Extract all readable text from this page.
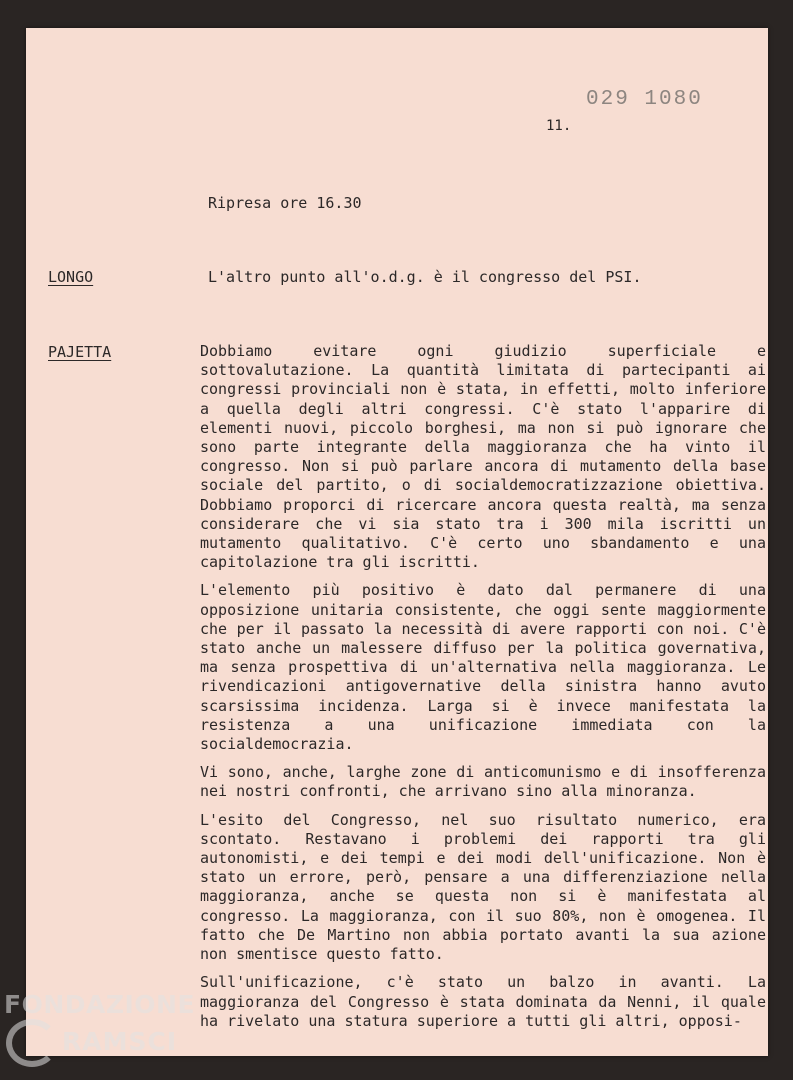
029 1080
11.
Ripresa ore 16.30
LONGO	L'altro punto all'o.d.g. è il congresso del PSI.
PAJETTA	Dobbiamo evitare ogni giudizio superficiale e sottovalutazione. La quantità limitata di partecipanti ai congressi provinciali non è stata, in effetti, molto inferiore a quella degli altri congressi. C'è stato l'apparire di elementi nuovi, piccolo borghesi, ma non si può ignorare che sono parte integrante della maggioranza che ha vinto il congresso. Non si può parlare ancora di mutamento della base sociale del partito, o di socialdemocratizzazione obiettiva. Dobbiamo proporci di ricercare ancora questa realtà, ma senza considerare che vi sia stato tra i 300 mila iscritti un mutamento qualitativo. C'è certo uno sbandamento e una capitolazione tra gli iscritti.

L'elemento più positivo è dato dal permanere di una opposizione unitaria consistente, che oggi sente maggiormente che per il passato la necessità di avere rapporti con noi. C'è stato anche un malessere diffuso per la politica governativa, ma senza prospettiva di un'alternativa nella maggioranza. Le rivendicazioni antigovernative della sinistra hanno avuto scarsissima incidenza. Larga si è invece manifestata la resistenza a una unificazione immediata con la socialdemocrazia.

Vi sono, anche, larghe zone di anticomunismo e di insofferenza nei nostri confronti, che arrivano sino alla minoranza.

L'esito del Congresso, nel suo risultato numerico, era scontato. Restavano i problemi dei rapporti tra gli autonomisti, e dei tempi e dei modi dell'unificazione. Non è stato un errore, però, pensare a una differenziazione nella maggioranza, anche se questa non si è manifestata al congresso. La maggioranza, con il suo 80%, non è omogenea. Il fatto che De Martino non abbia portato avanti la sua azione non smentisce questo fatto.

Sull'unificazione, c'è stato un balzo in avanti. La maggioranza del Congresso è stata dominata da Nenni, il quale ha rivelato una statura superiore a tutti gli altri, opposi-

FONDAZIONE
RAMSCI
